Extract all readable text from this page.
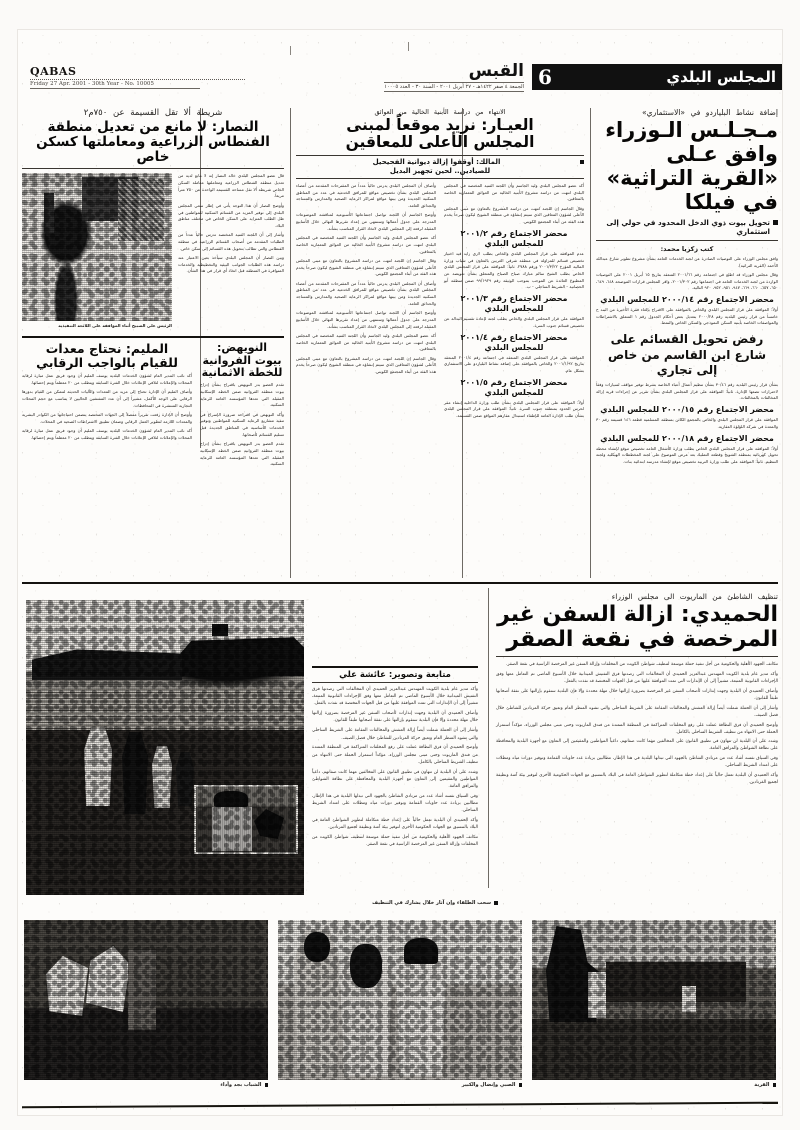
6	المجلس البلدي
القبس
الجمعة ٤ صفر ١٤٢٢هـ - ٢٧ أبريل ٢٠٠١ - السنة ٣٠ - العدد ١٠٠٠٥
QABAS
Friday 27 Apr. 2001 - 30th Year - No. 10005
إضافة نشاط البلياردو في «الاستثماري»
مـجـلـس الـوزراء وافق عـلى
«القرية التراثية» في فيلكا
تحويل بيوت ذوي الدخل المحدود في حولي إلى استثماري
كتب زكريا محمد:

وافق مجلس الوزراء على التوصيات الصادرة عن لجنة الخدمات العامة بشأن مشروع تطوير شارع عبدالله الأحمد (القرية التراثية).

وقال مجلس الوزراء قد اطلع في اجتماعه رقم ٢٠٠١/٦٦ المنعقد بتاريخ ١٥ أبريل ٢٠٠١ على التوصيات الواردة من لجنة الخدمات العامة في اجتماعها رقم ٢٠٠١/٣٠٢، واقر المجلس قرارات الموضحة ٦٤٨، ٦٤٩، ٦٥٠، ٦٥٧، ٦٦٠، ٦٦٩، ٩٤٧، ٩٥١، ٩٥٢، ٩٢٠ التالية.

محضر الاجتماع رقم ٢٠٠٠/١٤ للمجلس البلدي

أولاً: الموافقة على قرار المجلس البلدي والخاص بالموافقة على الاقتراح بإلغاء فقرة الأخيرة من البند ح خامساً من قرار رئيس البلدية رقم ٢٠٠٠/٢٨ بتعديل بعض أحكام الجدول رقم ١ المتعلق بالاشتراطات والمواصفات الخاصة بأبنية السكن النموذجي والسكن الخاص والنمط.

رفض تحويل القسائم على شارع ابن القاسم من خاص إلى تجاري

بشأن قرار رئيس البلدية رقم ٣٠/٤٦ بشأن تنظيم أعمال أعباء الخاصة بشرط توفير مواقف لسيارات وفقاً لاحترازات تضعها الإدارة. ثانياً: الموافقة على قرار المجلس البلدي بشأن تقرير عن إجراءات قرية إزالة المخالفات بالمخالفات.

محضر الاجتماع رقم ٢٠٠٠/١٥ للمجلس البلدي

الموافقة على قرار المجلس البلدي والخاص بالمجمع الكائن بمنطقة المسلمية قطعة ١٤٦ قسيمة رقم ٣٠ والمعدة في شركة اللؤلؤة العقارية.

محضر الاجتماع رقم ٢٠٠٠/١٨ للمجلس البلدي

أولاً: الموافقة على قرار المجلس البلدي الخاص بطلب وزارة الأشغال العامة تخصيص موقع لإنشاء محطة تحويل كهربائية بمنطقة الشويخ وقطعة التمليك بعد عرض الموضوع على لجنة المخططات الهيكلية ولجنة التنظيم. ثانياً: الموافقة على طلب وزارة التربية تخصيص موقع لإنشاء مدرسة ابتدائية بنات.

الانتهاء من دراسة الأبنية الخالية من العوائق
العيـار: نريد موقعاً لمبنى
المجلس الأعلى للمعاقين
المالك: أوقفوا إزالة ديوانية الفحيحيل
للصيادين.. لحين تجهيز البديل

أكد عضو المجلس البلدي وليد الجاسم وأن اللجنة الفنية المختصة في المجلس البلدي انتهت من دراسة مشروع الأبنية الخالية من العوائق المعمارية الخاصة بالمعاقين.

وقال الجاسم إن اللجنة انتهت من دراسة المشروع بالتعاون مع مبنى المجلس الأعلى لشؤون المعاقين الذي سيتم إنشاؤه في منطقة الشويخ ليكون صرحاً يخدم هذه الفئة من أبناء المجتمع الكويتي.

محضر الاجتماع رقم ٢٠٠١/٢ للمجلس البلدي

عدم الموافقة على قرار المجلس البلدي والخاص بطلب لاري زايد قيد اختيار تخصيص قسائم للمزاولة في منطقة شرقي الغربين بالتعاون في شباب وزارة المالية المؤرخ ٢٠٠١/٣/٢٢ ورقم ٢٧٨٨. ثانياً: الموافقة على قرار المجلس البلدي الخاص بطلب الشيخ سالم مبارك صباح الصباح والمتعلق بشأن تعويضه عن المطبوع العائدة عن الموجب بموجب الوثيقة رقم ٩٩/١٩٢٩ ضمن منطقة أبو الحصانية - الشريط الساحلي - ب.

محضر الاجتماع رقم ٢٠٠١/٣ للمجلس البلدي

الموافقة على قرار المجلس البلدي والخاص بطلب لجنة لإعادة تقسيم البدالة عن تخصيص قسائم جنوب السرة.

محضر الاجتماع رقم ٢٠٠١/٤ للمجلس البلدي

الموافقة على قرار المجلس البلدي المنعقد في اجتماعه رقم ٢٠٠١/٤ المنعقد بتاريخ ٢٠٠١/١/٩٢ والخاص بالموافقة على إضافة نشاط البلياردو على الاستثماري بشكل عام.

محضر الاجتماع رقم ٢٠٠١/٥ للمجلس البلدي

أولاً: الموافقة على قرار المجلس البلدي بشأن طلب وزارة الداخلية إنشاء مقر لحرس الحدود بمنطقة جنوب السرة. ثانياً: الموافقة على قرار المجلس البلدي بشأن طلب الإدارة العامة للإطفاء استبدال عقارهم المواقع ضمن القسيمة.

وأضاف أن المجلس البلدي يدرس حالياً عدداً من المقترحات المقدمة من أعضاء المجلس البلدي بشأن تخصيص مواقع للمرافق الخدمية في عدد من المناطق السكنية الجديدة ومن بينها مواقع لمراكز الرعاية الصحية والمدارس والمساجد والحدائق العامة.

وأوضح الجاسم أن اللجنة تواصل اجتماعاتها الأسبوعية لمناقشة الموضوعات المدرجة على جدول أعمالها وستنتهي من إعداد تقريرها النهائي خلال الأسابيع المقبلة لرفعه إلى المجلس البلدي لاتخاذ القرار المناسب بشأنه.

أكد عضو المجلس البلدي وليد الجاسم وأن اللجنة الفنية المختصة في المجلس البلدي انتهت من دراسة مشروع الأبنية الخالية من العوائق المعمارية الخاصة بالمعاقين.

وقال الجاسم إن اللجنة انتهت من دراسة المشروع بالتعاون مع مبنى المجلس الأعلى لشؤون المعاقين الذي سيتم إنشاؤه في منطقة الشويخ ليكون صرحاً يخدم هذه الفئة من أبناء المجتمع الكويتي.

وأضاف أن المجلس البلدي يدرس حالياً عدداً من المقترحات المقدمة من أعضاء المجلس البلدي بشأن تخصيص مواقع للمرافق الخدمية في عدد من المناطق السكنية الجديدة ومن بينها مواقع لمراكز الرعاية الصحية والمدارس والمساجد والحدائق العامة.

وأوضح الجاسم أن اللجنة تواصل اجتماعاتها الأسبوعية لمناقشة الموضوعات المدرجة على جدول أعمالها وستنتهي من إعداد تقريرها النهائي خلال الأسابيع المقبلة لرفعه إلى المجلس البلدي لاتخاذ القرار المناسب بشأنه.

أكد عضو المجلس البلدي وليد الجاسم وأن اللجنة الفنية المختصة في المجلس البلدي انتهت من دراسة مشروع الأبنية الخالية من العوائق المعمارية الخاصة بالمعاقين.

وقال الجاسم إن اللجنة انتهت من دراسة المشروع بالتعاون مع مبنى المجلس الأعلى لشؤون المعاقين الذي سيتم إنشاؤه في منطقة الشويخ ليكون صرحاً يخدم هذه الفئة من أبناء المجتمع الكويتي.

شريطة ألا تقل القسيمة عن ٧٥٠م٢
النصار: لا مانع من تعديل منطقة
الفنطاس الزراعية ومعاملتها كسكن خاص

قال عضو المجلس البلدي خالد النصار إنه لا مانع لديه من تعديل منطقة الفنطاس الزراعية ومعاملتها معاملة السكن الخاص شريطة ألا تقل مساحة القسيمة الواحدة عن ٧٥٠ متراً مربعاً.

وأوضح النصار أن هذا التوجه يأتي في إطار سعي المجلس البلدي إلى توفير المزيد من القسائم السكنية للمواطنين في ظل الطلب المتزايد على السكن الخاص في مختلف مناطق البلاد.

وأشار إلى أن اللجنة الفنية المختصة تدرس حالياً عدداً من الطلبات المقدمة من أصحاب القسائم الزراعية في منطقة الفنطاس والتي تطالب بتحويل هذه القسائم إلى سكن خاص.

وبين النصار أن المجلس البلدي سيأخذ بعين الاعتبار عند دراسة هذه الطلبات الجوانب البيئية والتخطيطية والخدمات المتوافرة في المنطقة قبل اتخاذ أي قرار في هذا الشأن.

الرئيس علي الصبيح أثناء الموافقة على اللائحة التنفيذية
النويهض:
بيوت الفروانية
للخطة الاثمانية

تقدم العضو بدر النويهض باقتراح بشأن إدراج بيوت منطقة الفروانية ضمن الخطة الإسكانية المقبلة التي تعدها المؤسسة العامة للرعاية السكنية.

وأكد النويهض في اقتراحه ضرورة الإسراع في تنفيذ مشاريع الرعاية السكنية للمواطنين وتوفير الخدمات الأساسية في المناطق الجديدة قبل تسليم القسائم لأصحابها.

تقدم العضو بدر النويهض باقتراح بشأن إدراج بيوت منطقة الفروانية ضمن الخطة الإسكانية المقبلة التي تعدها المؤسسة العامة للرعاية السكنية.

المليم: نحتاج معدات
للقيام بالواجب الرقابي

أكد نائب المدير العام لشؤون الخدمات البلدية يوسف المليم أن وجود فريق عمل مبارة لرقابة المحلات والإعلانات لتلافي الإعلانات خلال الفترة السابقة ويتطلب من ٢٠ معظماً ويتم إحصائها.

وأضاف المليم أن الإدارة تحتاج إلى مزيد من المعدات والآليات الحديثة لتتمكن من القيام بدورها الرقابي على الوجه الأكمل، مشيراً إلى أن عدد المفتشين الحاليين لا يتناسب مع حجم المحلات التجارية المنتشرة في المحافظات.

وأوضح أن الإدارة رفعت تقريراً مفصلاً إلى الجهات المختصة يتضمن احتياجاتها من الكوادر البشرية والمعدات اللازمة لتطوير العمل الرقابي وضمان تطبيق الاشتراطات الصحية في المحلات.

أكد نائب المدير العام لشؤون الخدمات البلدية يوسف المليم أن وجود فريق عمل مبارة لرقابة المحلات والإعلانات لتلافي الإعلانات خلال الفترة السابقة ويتطلب من ٢٠ معظماً ويتم إحصائها.

تنظيف الشاطئ من الماريوت الى مجلس الوزراء
الحميدي: ازالة السفن غير
المرخصة في نقعة الصقر

تتكاتف الجهود الأهلية والحكومية من أجل تنفيذ حملة موسعة لتنظيف شواطئ الكويت من المخلفات وإزالة السفن غير المرخصة الراسية في نقعة الصقر.

وأكد مدير عام بلدية الكويت المهندس عبدالعزيز الحميدي أن المخالفات التي رصدتها فرق التفتيش الميدانية خلال الأسبوع الماضي تم التعامل معها وفق الإجراءات القانونية المتبعة، مشيراً إلى أن الإنذارات التي تمت الموافقة عليها من قبل الجهات المختصة قد نفذت بالفعل.

وأضاف الحميدي أن البلدية وجهت إنذارات لأصحاب السفن غير المرخصة بضرورة إزالتها خلال مهلة محددة وإلا فإن البلدية ستقوم بإزالتها على نفقة أصحابها طبقاً للقانون.

وأشار إلى أن الحملة شملت أيضاً إزالة العشش والمخالفات المقامة على الشريط الساحلي والتي تشوه المنظر العام وتعيق حركة المرتادين للشاطئ خلال فصل الصيف.

وأوضح الحميدي أن فرق النظافة عملت على رفع المخلفات المتراكمة في المنطقة الممتدة من فندق الماريوت وحتى مبنى مجلس الوزراء، مؤكداً استمرار الحملة حتى الانتهاء من تنظيف الشريط الساحلي بالكامل.

وشدد على أن البلدية لن تتهاون في تطبيق القانون على المخالفين مهما كانت صفاتهم، داعياً المواطنين والمقيمين إلى التعاون مع أجهزة البلدية والمحافظة على نظافة الشواطئ والمرافق العامة.

وفي السياق نفسه أشاد عدد من مرتادي الشاطئ بالجهود التي تبذلها البلدية في هذا الإطار، مطالبين بزيادة عدد حاويات القمامة وتوفير دورات مياه ومظلات على امتداد الشريط الساحلي.

وأكد الحميدي أن البلدية تعمل حالياً على إعداد خطة متكاملة لتطوير الشواطئ العامة في البلاد بالتنسيق مع الجهات الحكومية الأخرى لتوفير بيئة آمنة ونظيفة لجميع المرتادين.

متابعة وتصوير: عائشة علي

وأكد مدير عام بلدية الكويت المهندس عبدالعزيز الحميدي أن المخالفات التي رصدتها فرق التفتيش الميدانية خلال الأسبوع الماضي تم التعامل معها وفق الإجراءات القانونية المتبعة، مشيراً إلى أن الإنذارات التي تمت الموافقة عليها من قبل الجهات المختصة قد نفذت بالفعل.

وأضاف الحميدي أن البلدية وجهت إنذارات لأصحاب السفن غير المرخصة بضرورة إزالتها خلال مهلة محددة وإلا فإن البلدية ستقوم بإزالتها على نفقة أصحابها طبقاً للقانون.

وأشار إلى أن الحملة شملت أيضاً إزالة العشش والمخالفات المقامة على الشريط الساحلي والتي تشوه المنظر العام وتعيق حركة المرتادين للشاطئ خلال فصل الصيف.

وأوضح الحميدي أن فرق النظافة عملت على رفع المخلفات المتراكمة في المنطقة الممتدة من فندق الماريوت وحتى مبنى مجلس الوزراء، مؤكداً استمرار الحملة حتى الانتهاء من تنظيف الشريط الساحلي بالكامل.

وشدد على أن البلدية لن تتهاون في تطبيق القانون على المخالفين مهما كانت صفاتهم، داعياً المواطنين والمقيمين إلى التعاون مع أجهزة البلدية والمحافظة على نظافة الشواطئ والمرافق العامة.

وفي السياق نفسه أشاد عدد من مرتادي الشاطئ بالجهود التي تبذلها البلدية في هذا الإطار، مطالبين بزيادة عدد حاويات القمامة وتوفير دورات مياه ومظلات على امتداد الشريط الساحلي.

وأكد الحميدي أن البلدية تعمل حالياً على إعداد خطة متكاملة لتطوير الشواطئ العامة في البلاد بالتنسيق مع الجهات الحكومية الأخرى لتوفير بيئة آمنة ونظيفة لجميع المرتادين.

تتكاتف الجهود الأهلية والحكومية من أجل تنفيذ حملة موسعة لتنظيف شواطئ الكويت من المخلفات وإزالة السفن غير المرخصة الراسية في نقعة الصقر.

سحب الطلقاء وإن آثار خلال يشارك في التنظيف
القرية
الصبي وإنضال والكبير
الشباب بجد وأداء
